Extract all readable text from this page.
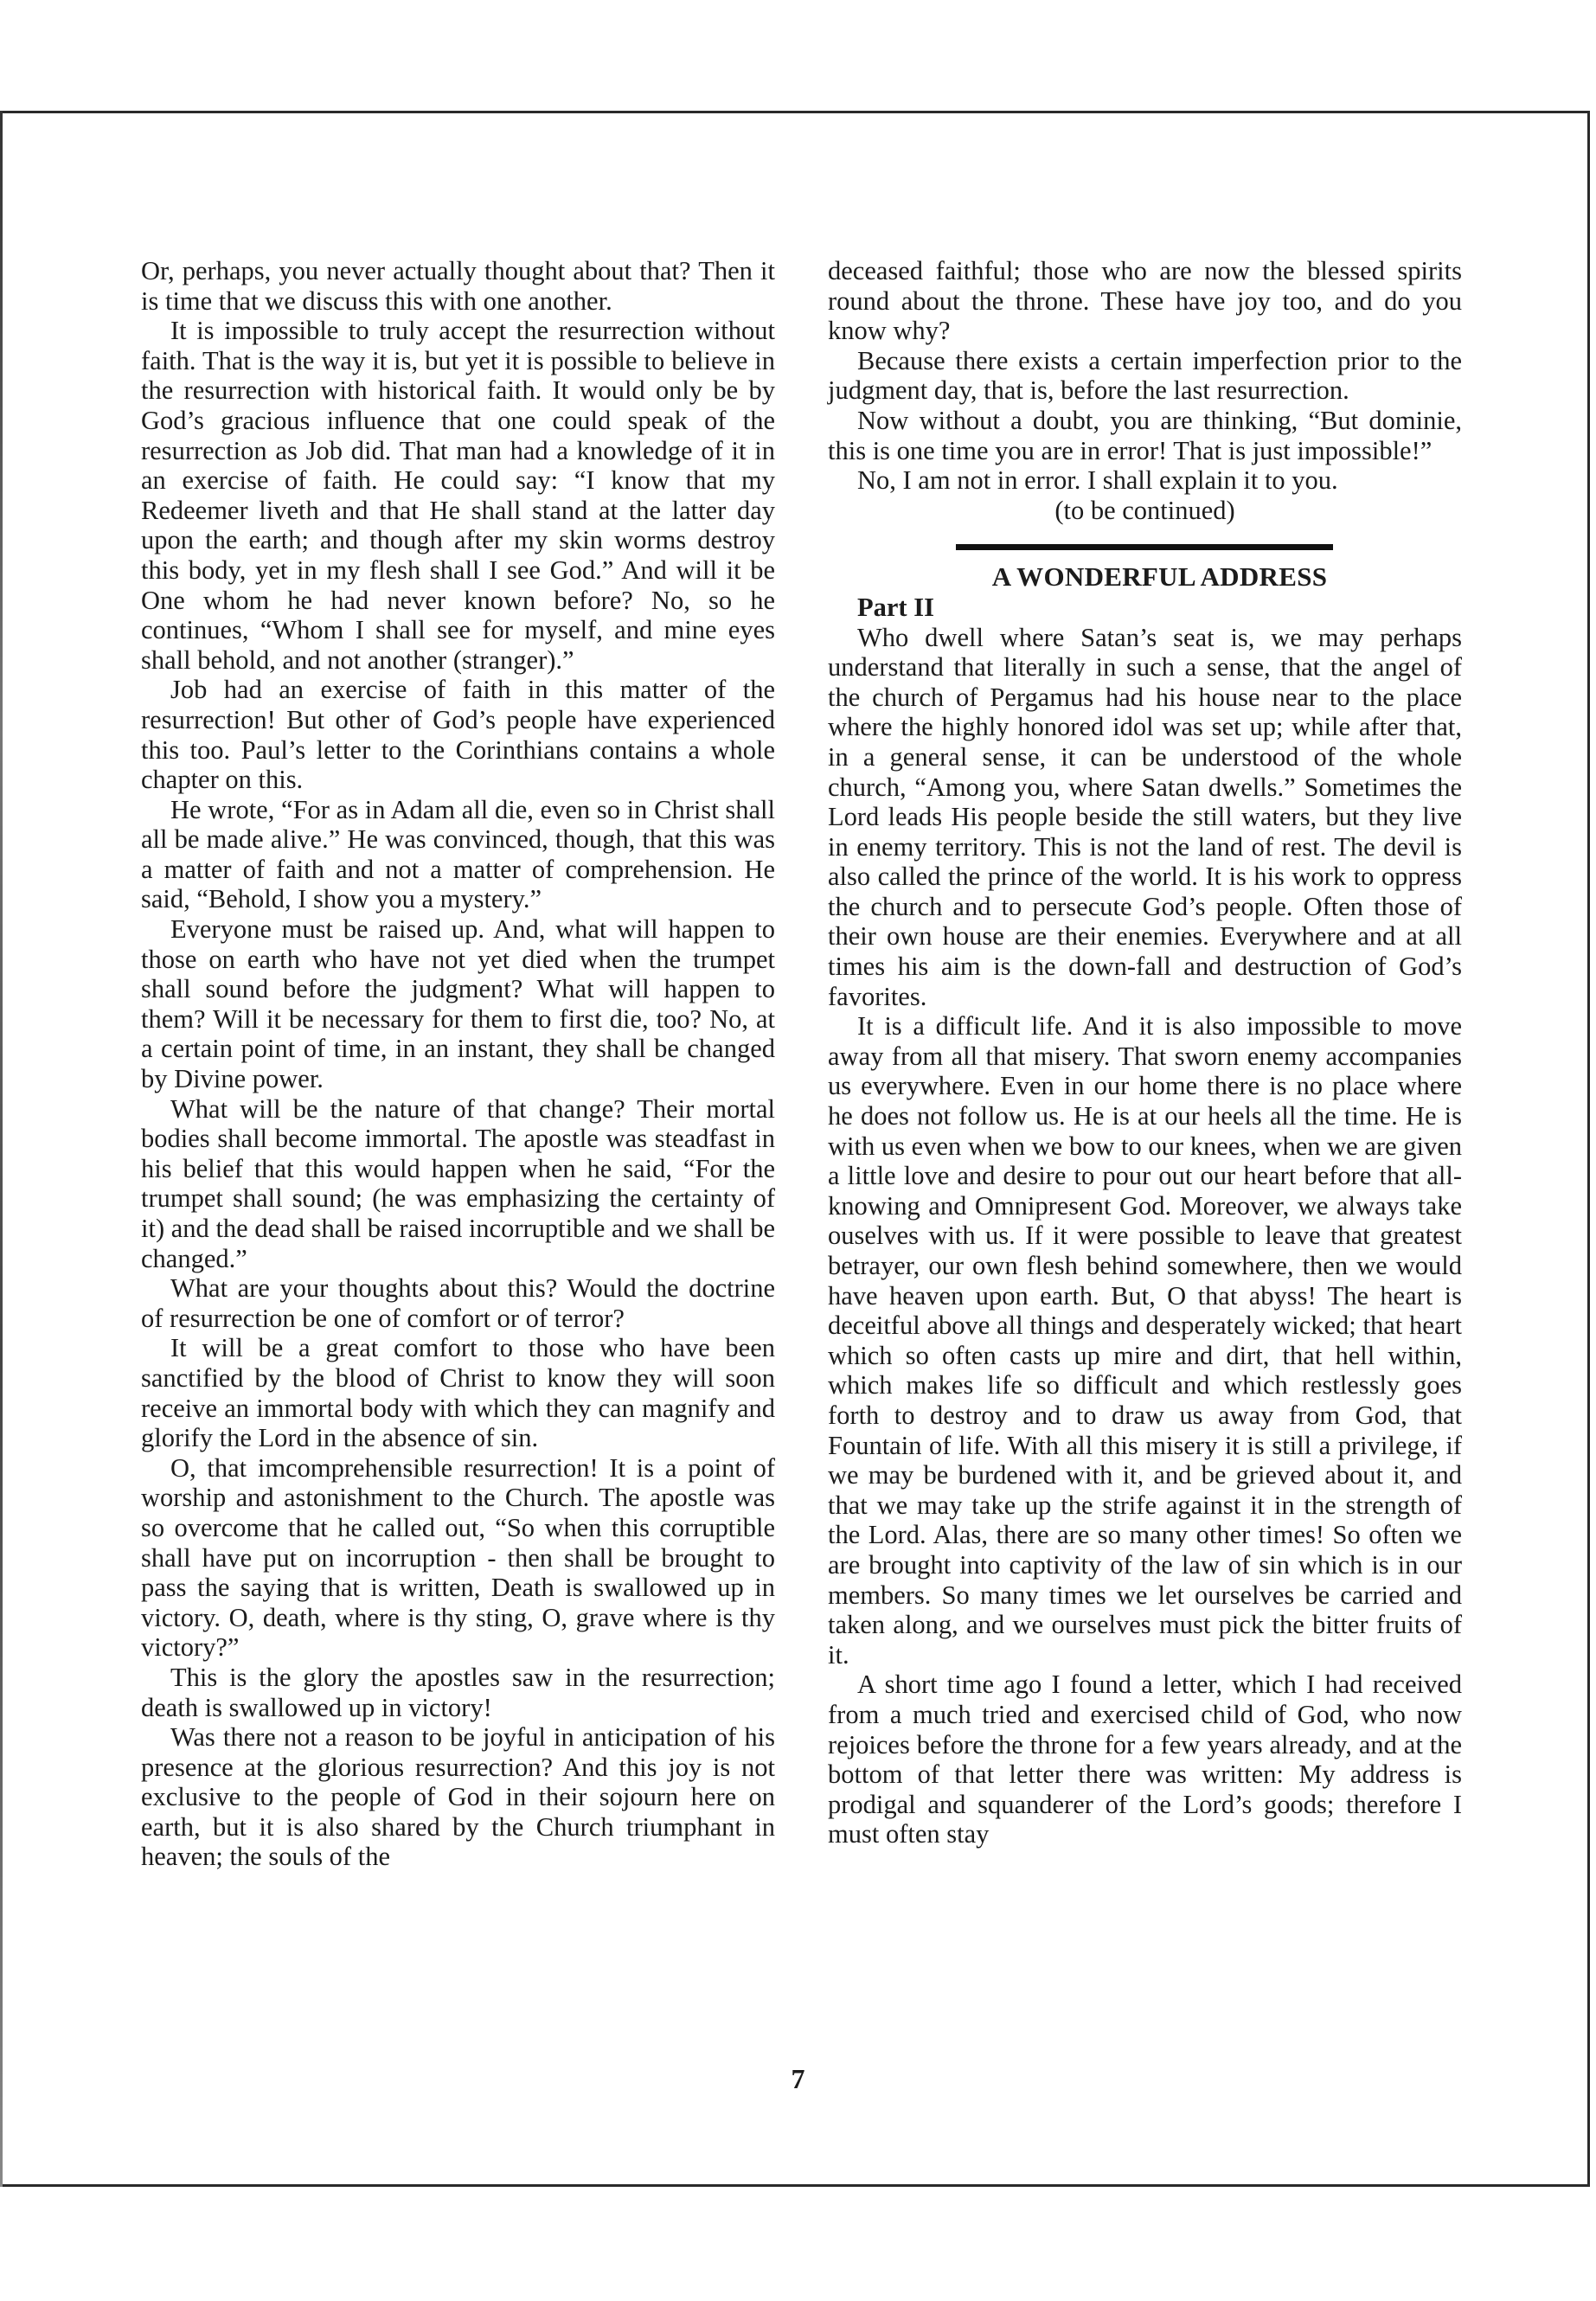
Or, perhaps, you never actually thought about that? Then it is time that we discuss this with one another.

It is impossible to truly accept the resurrection without faith. That is the way it is, but yet it is possible to believe in the resurrection with historical faith. It would only be by God’s gracious influence that one could speak of the resurrection as Job did. That man had a knowledge of it in an exercise of faith. He could say: “I know that my Redeemer liveth and that He shall stand at the latter day upon the earth; and though after my skin worms destroy this body, yet in my flesh shall I see God.” And will it be One whom he had never known before? No, so he continues, “Whom I shall see for myself, and mine eyes shall behold, and not another (stranger).”

Job had an exercise of faith in this matter of the resurrection! But other of God’s people have experienced this too. Paul’s letter to the Corinthians contains a whole chapter on this.

He wrote, “For as in Adam all die, even so in Christ shall all be made alive.” He was convinced, though, that this was a matter of faith and not a matter of comprehension. He said, “Behold, I show you a mystery.”

Everyone must be raised up. And, what will happen to those on earth who have not yet died when the trumpet shall sound before the judgment? What will happen to them? Will it be necessary for them to first die, too? No, at a certain point of time, in an instant, they shall be changed by Divine power.

What will be the nature of that change? Their mortal bodies shall become immortal. The apostle was steadfast in his belief that this would happen when he said, “For the trumpet shall sound; (he was emphasizing the certainty of it) and the dead shall be raised incorruptible and we shall be changed.”

What are your thoughts about this? Would the doctrine of resurrection be one of comfort or of terror?

It will be a great comfort to those who have been sanctified by the blood of Christ to know they will soon receive an immortal body with which they can magnify and glorify the Lord in the absence of sin.

O, that imcomprehensible resurrection! It is a point of worship and astonishment to the Church. The apostle was so overcome that he called out, “So when this corruptible shall have put on incorruption - then shall be brought to pass the saying that is written, Death is swallowed up in victory. O, death, where is thy sting, O, grave where is thy victory?”

This is the glory the apostles saw in the resurrection; death is swallowed up in victory!

Was there not a reason to be joyful in anticipation of his presence at the glorious resurrection? And this joy is not exclusive to the people of God in their sojourn here on earth, but it is also shared by the Church triumphant in heaven; the souls of the

deceased faithful; those who are now the blessed spirits round about the throne. These have joy too, and do you know why?

Because there exists a certain imperfection prior to the judgment day, that is, before the last resurrection.

Now without a doubt, you are thinking, “But dominie, this is one time you are in error! That is just impossible!”

No, I am not in error. I shall explain it to you.

(to be continued)

A WONDERFUL ADDRESS

Part II

Who dwell where Satan’s seat is, we may perhaps understand that literally in such a sense, that the angel of the church of Pergamus had his house near to the place where the highly honored idol was set up; while after that, in a general sense, it can be understood of the whole church, “Among you, where Satan dwells.” Sometimes the Lord leads His people beside the still waters, but they live in enemy territory. This is not the land of rest. The devil is also called the prince of the world. It is his work to oppress the church and to persecute God’s people. Often those of their own house are their enemies. Everywhere and at all times his aim is the down-fall and destruction of God’s favorites.

It is a difficult life. And it is also impossible to move away from all that misery. That sworn enemy accompanies us everywhere. Even in our home there is no place where he does not follow us. He is at our heels all the time. He is with us even when we bow to our knees, when we are given a little love and desire to pour out our heart before that all-knowing and Omnipresent God. Moreover, we always take ouselves with us. If it were possible to leave that greatest betrayer, our own flesh behind somewhere, then we would have heaven upon earth. But, O that abyss! The heart is deceitful above all things and desperately wicked; that heart which so often casts up mire and dirt, that hell within, which makes life so difficult and which restlessly goes forth to destroy and to draw us away from God, that Fountain of life. With all this misery it is still a privilege, if we may be burdened with it, and be grieved about it, and that we may take up the strife against it in the strength of the Lord. Alas, there are so many other times! So often we are brought into captivity of the law of sin which is in our members. So many times we let ourselves be carried and taken along, and we ourselves must pick the bitter fruits of it.

A short time ago I found a letter, which I had received from a much tried and exercised child of God, who now rejoices before the throne for a few years already, and at the bottom of that letter there was written: My address is prodigal and squanderer of the Lord’s goods; therefore I must often stay

7
